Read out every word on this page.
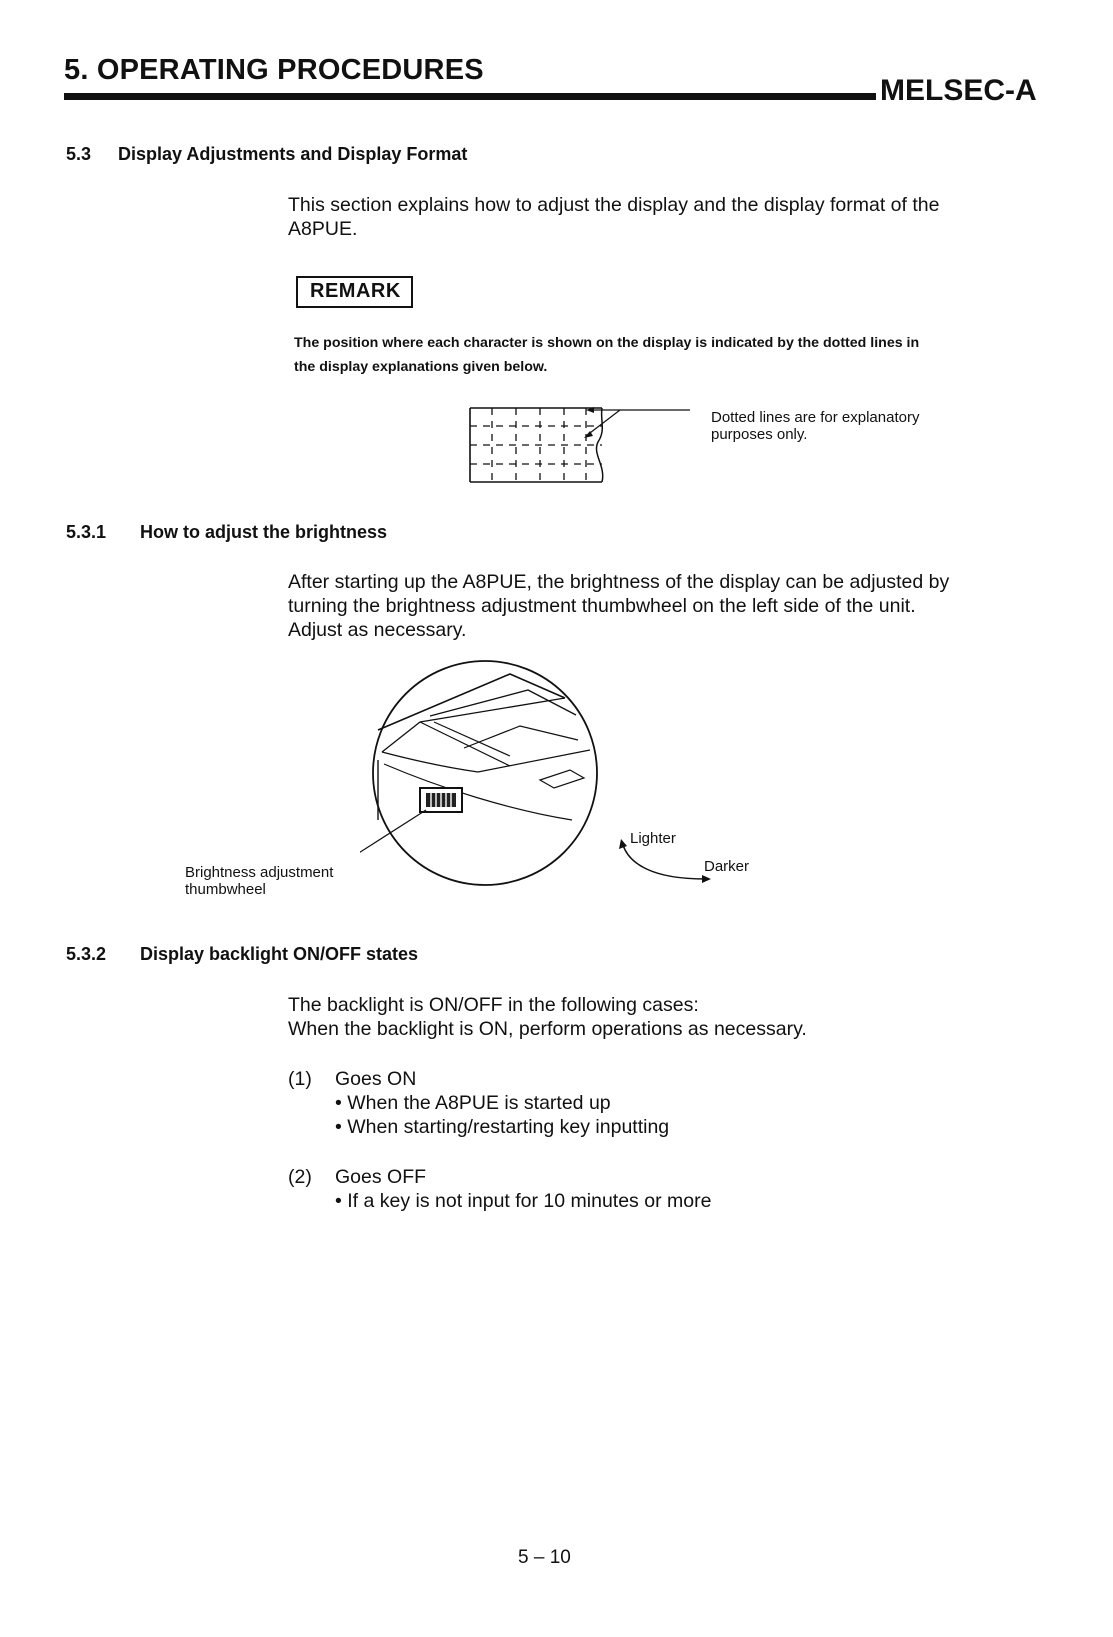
5. OPERATING PROCEDURES
MELSEC-A
5.3 Display Adjustments and Display Format
This section explains how to adjust the display and the display format of the
A8PUE.
REMARK
The position where each character is shown on the display is indicated by the dotted lines in
the display explanations given below.
Dotted lines are for explanatory
purposes only.
5.3.1 How to adjust the brightness
After starting up the A8PUE, the brightness of the display can be adjusted by
turning the brightness adjustment thumbwheel on the left side of the unit.
Adjust as necessary.
Lighter
Darker
Brightness adjustment
thumbwheel
5.3.2 Display backlight ON/OFF states
The backlight is ON/OFF in the following cases:
When the backlight is ON, perform operations as necessary.
(1) Goes ON
• When the A8PUE is started up
• When starting/restarting key inputting
(2) Goes OFF
• If a key is not input for 10 minutes or more
5 – 10
